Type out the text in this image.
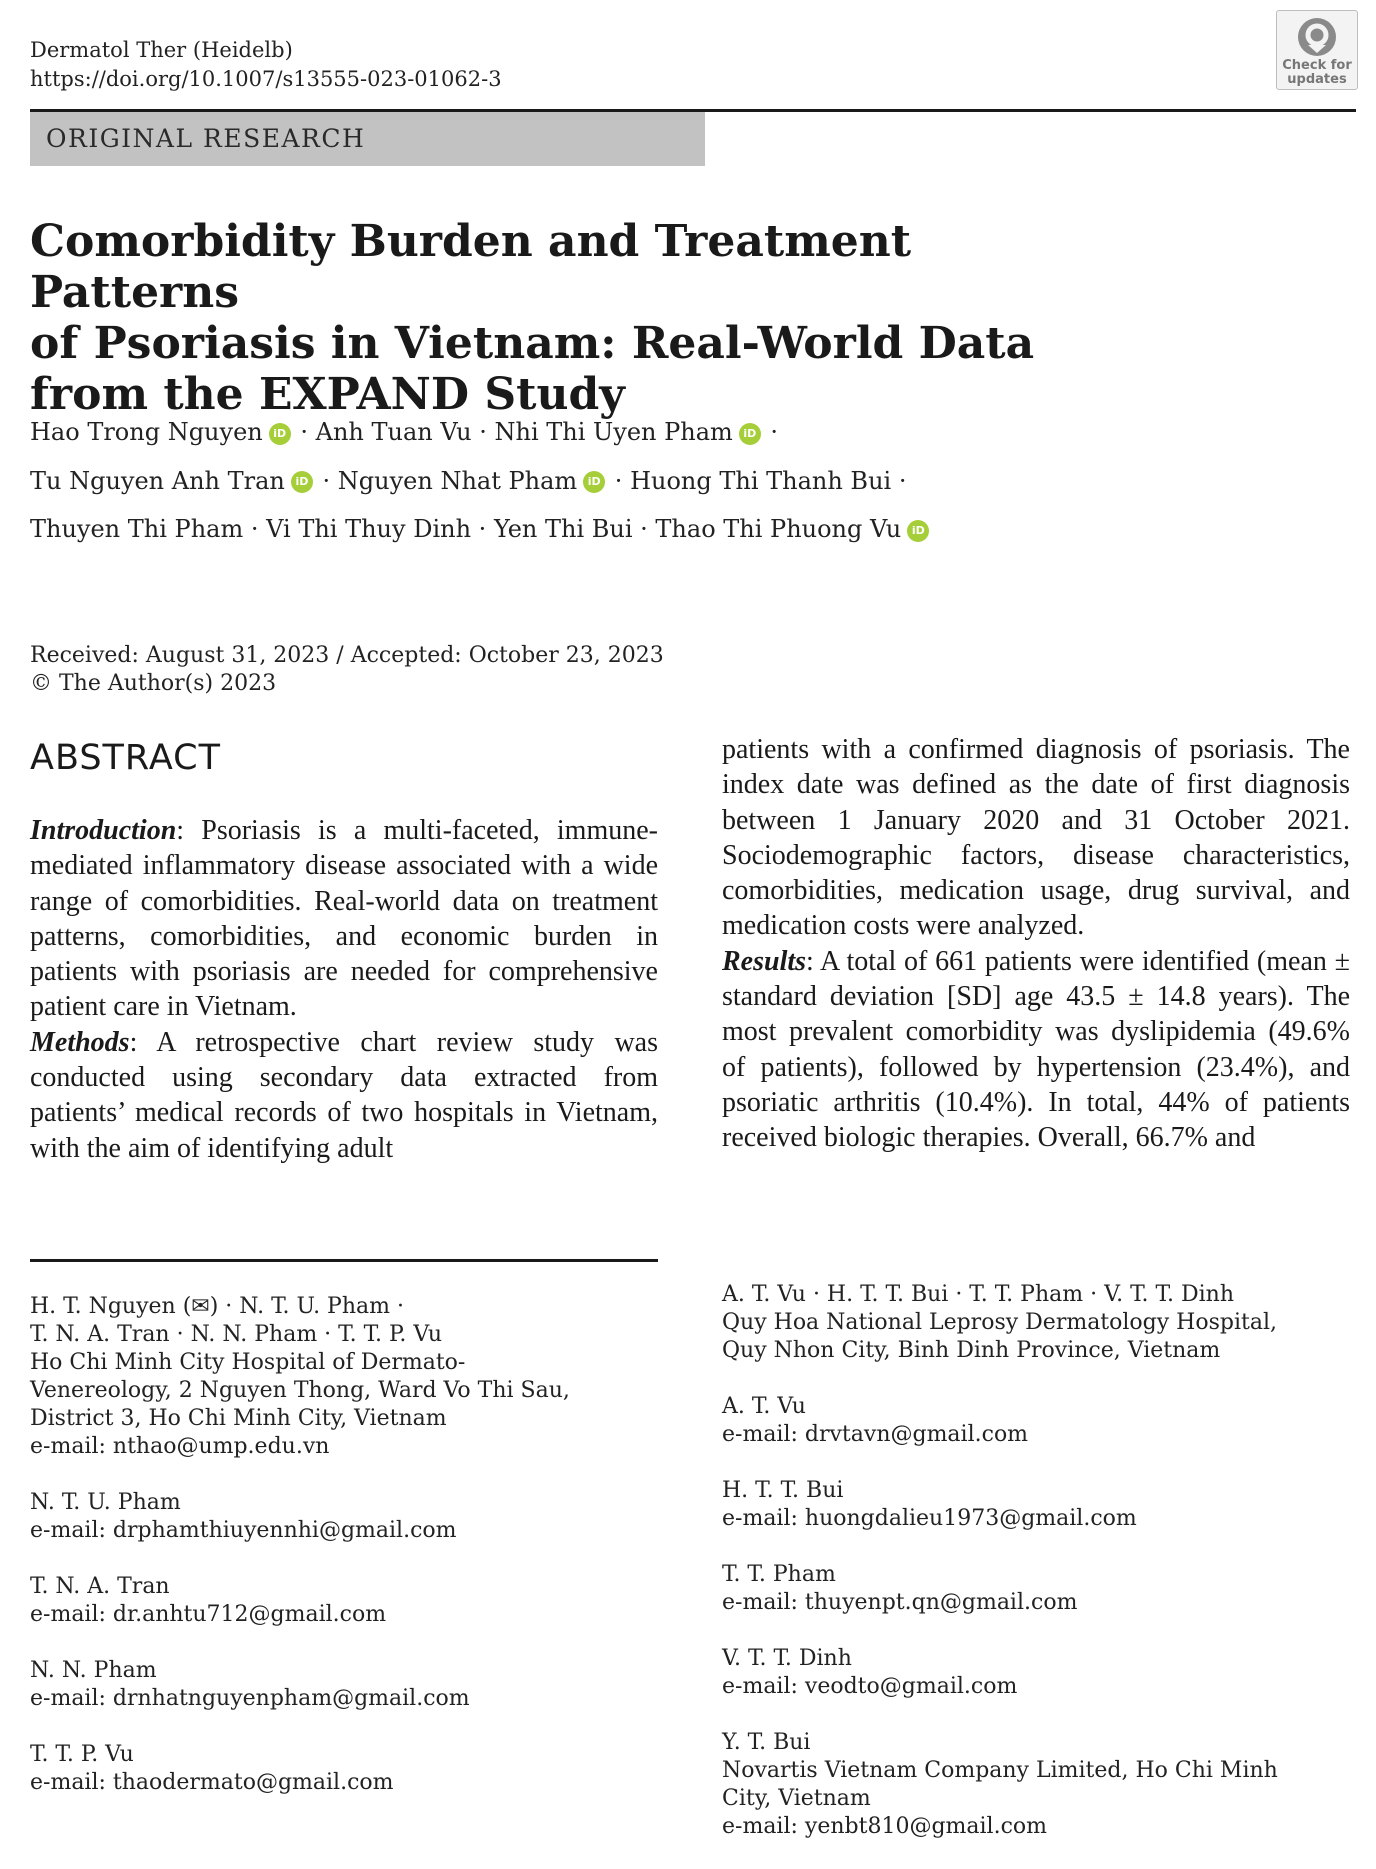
Dermatol Ther (Heidelb)
https://doi.org/10.1007/s13555-023-01062-3
Check for
updates
ORIGINAL RESEARCH
Comorbidity Burden and Treatment Patterns
of Psoriasis in Vietnam: Real-World Data
from the EXPAND Study
Hao Trong Nguyen iD · Anh Tuan Vu · Nhi Thi Uyen Pham iD ·
Tu Nguyen Anh Tran iD · Nguyen Nhat Pham iD · Huong Thi Thanh Bui ·
Thuyen Thi Pham · Vi Thi Thuy Dinh · Yen Thi Bui · Thao Thi Phuong Vu iD
Received: August 31, 2023 / Accepted: October 23, 2023
© The Author(s) 2023
ABSTRACT

Introduction: Psoriasis is a multi-faceted, immune-mediated inflammatory disease associated with a wide range of comorbidities. Real-world data on treatment patterns, comorbidities, and economic burden in patients with psoriasis are needed for comprehensive patient care in Vietnam.

Methods: A retrospective chart review study was conducted using secondary data extracted from patients’ medical records of two hospitals in Vietnam, with the aim of identifying adult

patients with a confirmed diagnosis of psoriasis. The index date was defined as the date of first diagnosis between 1 January 2020 and 31 October 2021. Sociodemographic factors, disease characteristics, comorbidities, medication usage, drug survival, and medication costs were analyzed.

Results: A total of 661 patients were identified (mean ± standard deviation [SD] age 43.5 ± 14.8 years). The most prevalent comorbidity was dyslipidemia (49.6% of patients), followed by hypertension (23.4%), and psoriatic arthritis (10.4%). In total, 44% of patients received biologic therapies. Overall, 66.7% and

H. T. Nguyen (✉) · N. T. U. Pham ·
T. N. A. Tran · N. N. Pham · T. T. P. Vu
Ho Chi Minh City Hospital of Dermato-
Venereology, 2 Nguyen Thong, Ward Vo Thi Sau,
District 3, Ho Chi Minh City, Vietnam
e-mail: nthao@ump.edu.vn
N. T. U. Pham
e-mail: drphamthiuyennhi@gmail.com
T. N. A. Tran
e-mail: dr.anhtu712@gmail.com
N. N. Pham
e-mail: drnhatnguyenpham@gmail.com
T. T. P. Vu
e-mail: thaodermato@gmail.com
A. T. Vu · H. T. T. Bui · T. T. Pham · V. T. T. Dinh
Quy Hoa National Leprosy Dermatology Hospital,
Quy Nhon City, Binh Dinh Province, Vietnam
A. T. Vu
e-mail: drvtavn@gmail.com
H. T. T. Bui
e-mail: huongdalieu1973@gmail.com
T. T. Pham
e-mail: thuyenpt.qn@gmail.com
V. T. T. Dinh
e-mail: veodto@gmail.com
Y. T. Bui
Novartis Vietnam Company Limited, Ho Chi Minh
City, Vietnam
e-mail: yenbt810@gmail.com
